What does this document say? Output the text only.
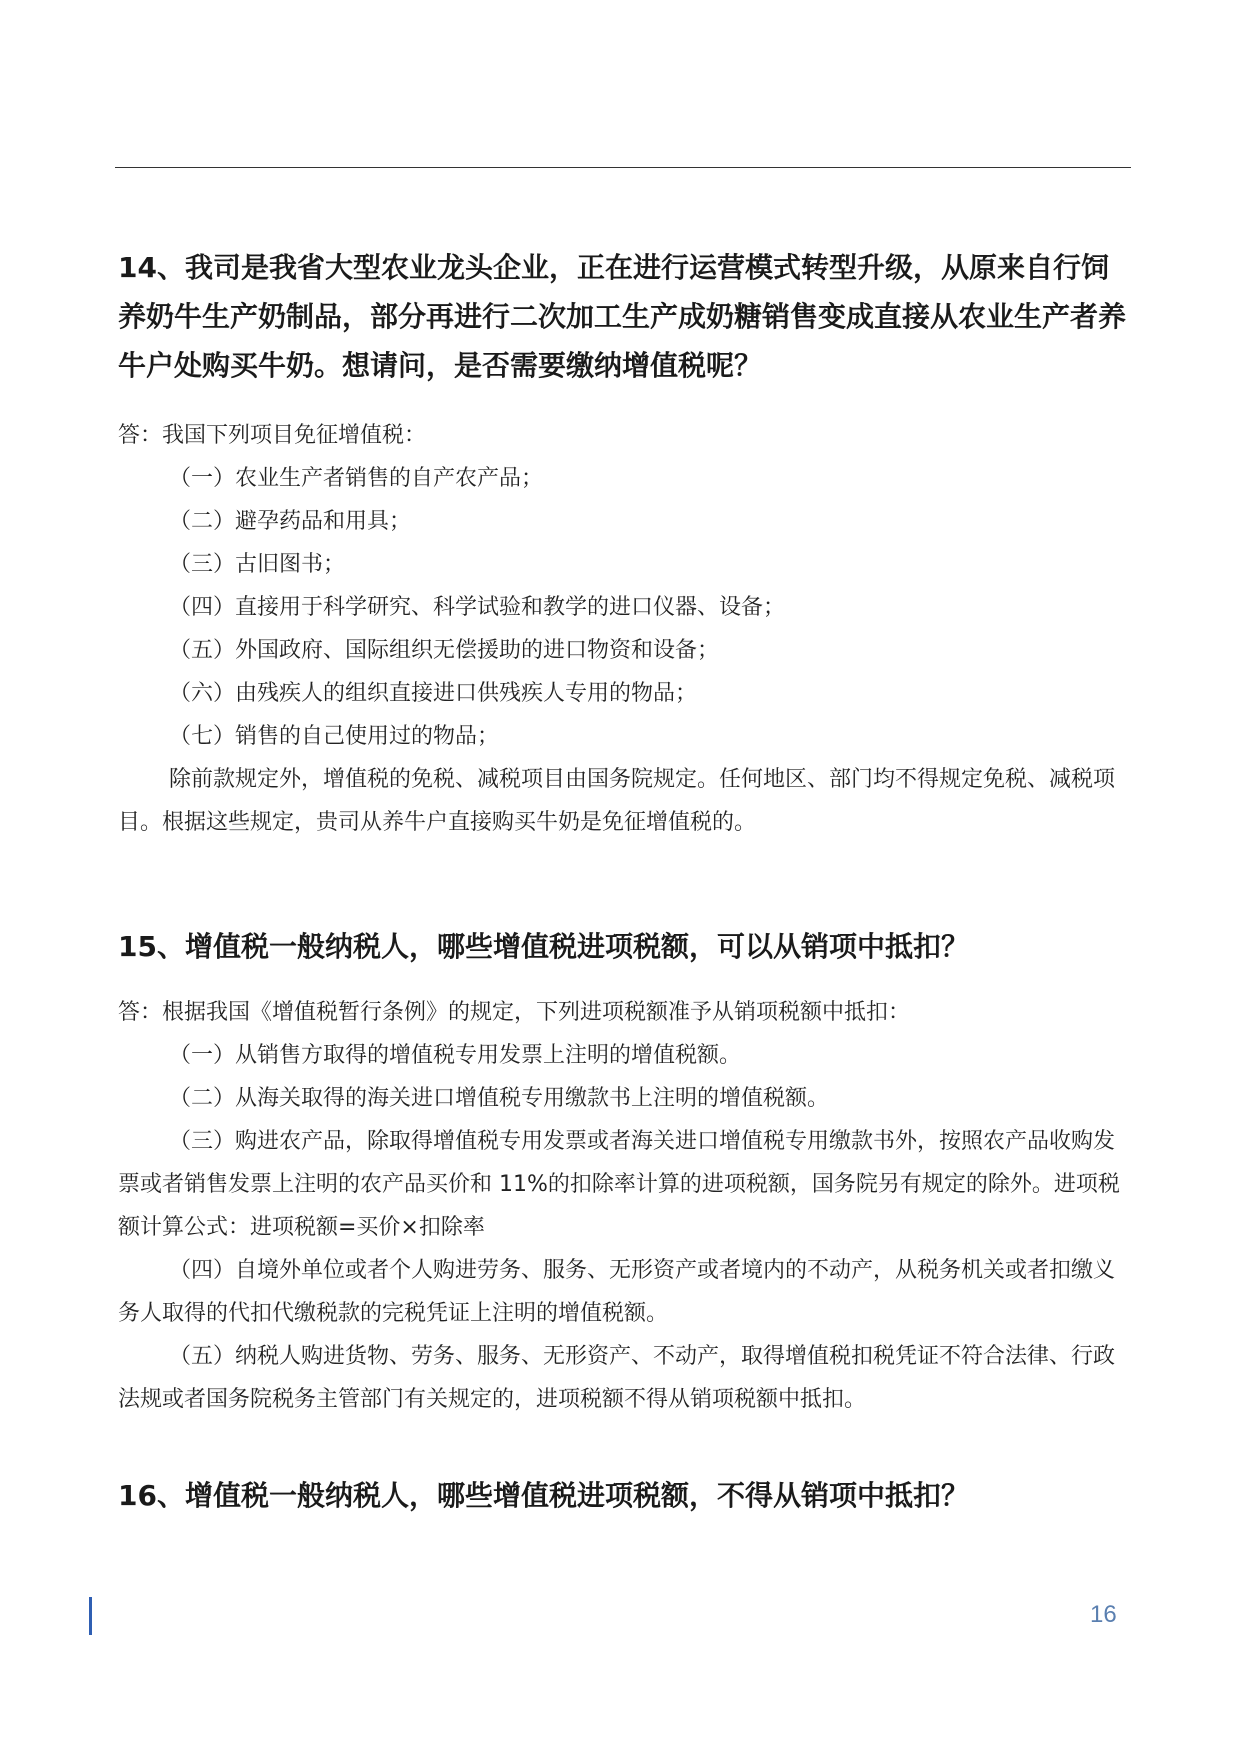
14、我司是我省大型农业龙头企业，正在进行运营模式转型升级，从原来自行饲养奶牛生产奶制品，部分再进行二次加工生产成奶糖销售变成直接从农业生产者养牛户处购买牛奶。想请问，是否需要缴纳增值税呢？

答：我国下列项目免征增值税：

（一）农业生产者销售的自产农产品；

（二）避孕药品和用具；

（三）古旧图书；

（四）直接用于科学研究、科学试验和教学的进口仪器、设备；

（五）外国政府、国际组织无偿援助的进口物资和设备；

（六）由残疾人的组织直接进口供残疾人专用的物品；

（七）销售的自己使用过的物品；

除前款规定外，增值税的免税、减税项目由国务院规定。任何地区、部门均不得规定免税、减税项目。根据这些规定，贵司从养牛户直接购买牛奶是免征增值税的。

15、增值税一般纳税人，哪些增值税进项税额，可以从销项中抵扣？

答：根据我国《增值税暂行条例》的规定，下列进项税额准予从销项税额中抵扣：

（一）从销售方取得的增值税专用发票上注明的增值税额。

（二）从海关取得的海关进口增值税专用缴款书上注明的增值税额。

（三）购进农产品，除取得增值税专用发票或者海关进口增值税专用缴款书外，按照农产品收购发票或者销售发票上注明的农产品买价和 11%的扣除率计算的进项税额，国务院另有规定的除外。进项税额计算公式：进项税额=买价×扣除率

（四）自境外单位或者个人购进劳务、服务、无形资产或者境内的不动产，从税务机关或者扣缴义务人取得的代扣代缴税款的完税凭证上注明的增值税额。

（五）纳税人购进货物、劳务、服务、无形资产、不动产，取得增值税扣税凭证不符合法律、行政法规或者国务院税务主管部门有关规定的，进项税额不得从销项税额中抵扣。

16、增值税一般纳税人，哪些增值税进项税额，不得从销项中抵扣？

16
